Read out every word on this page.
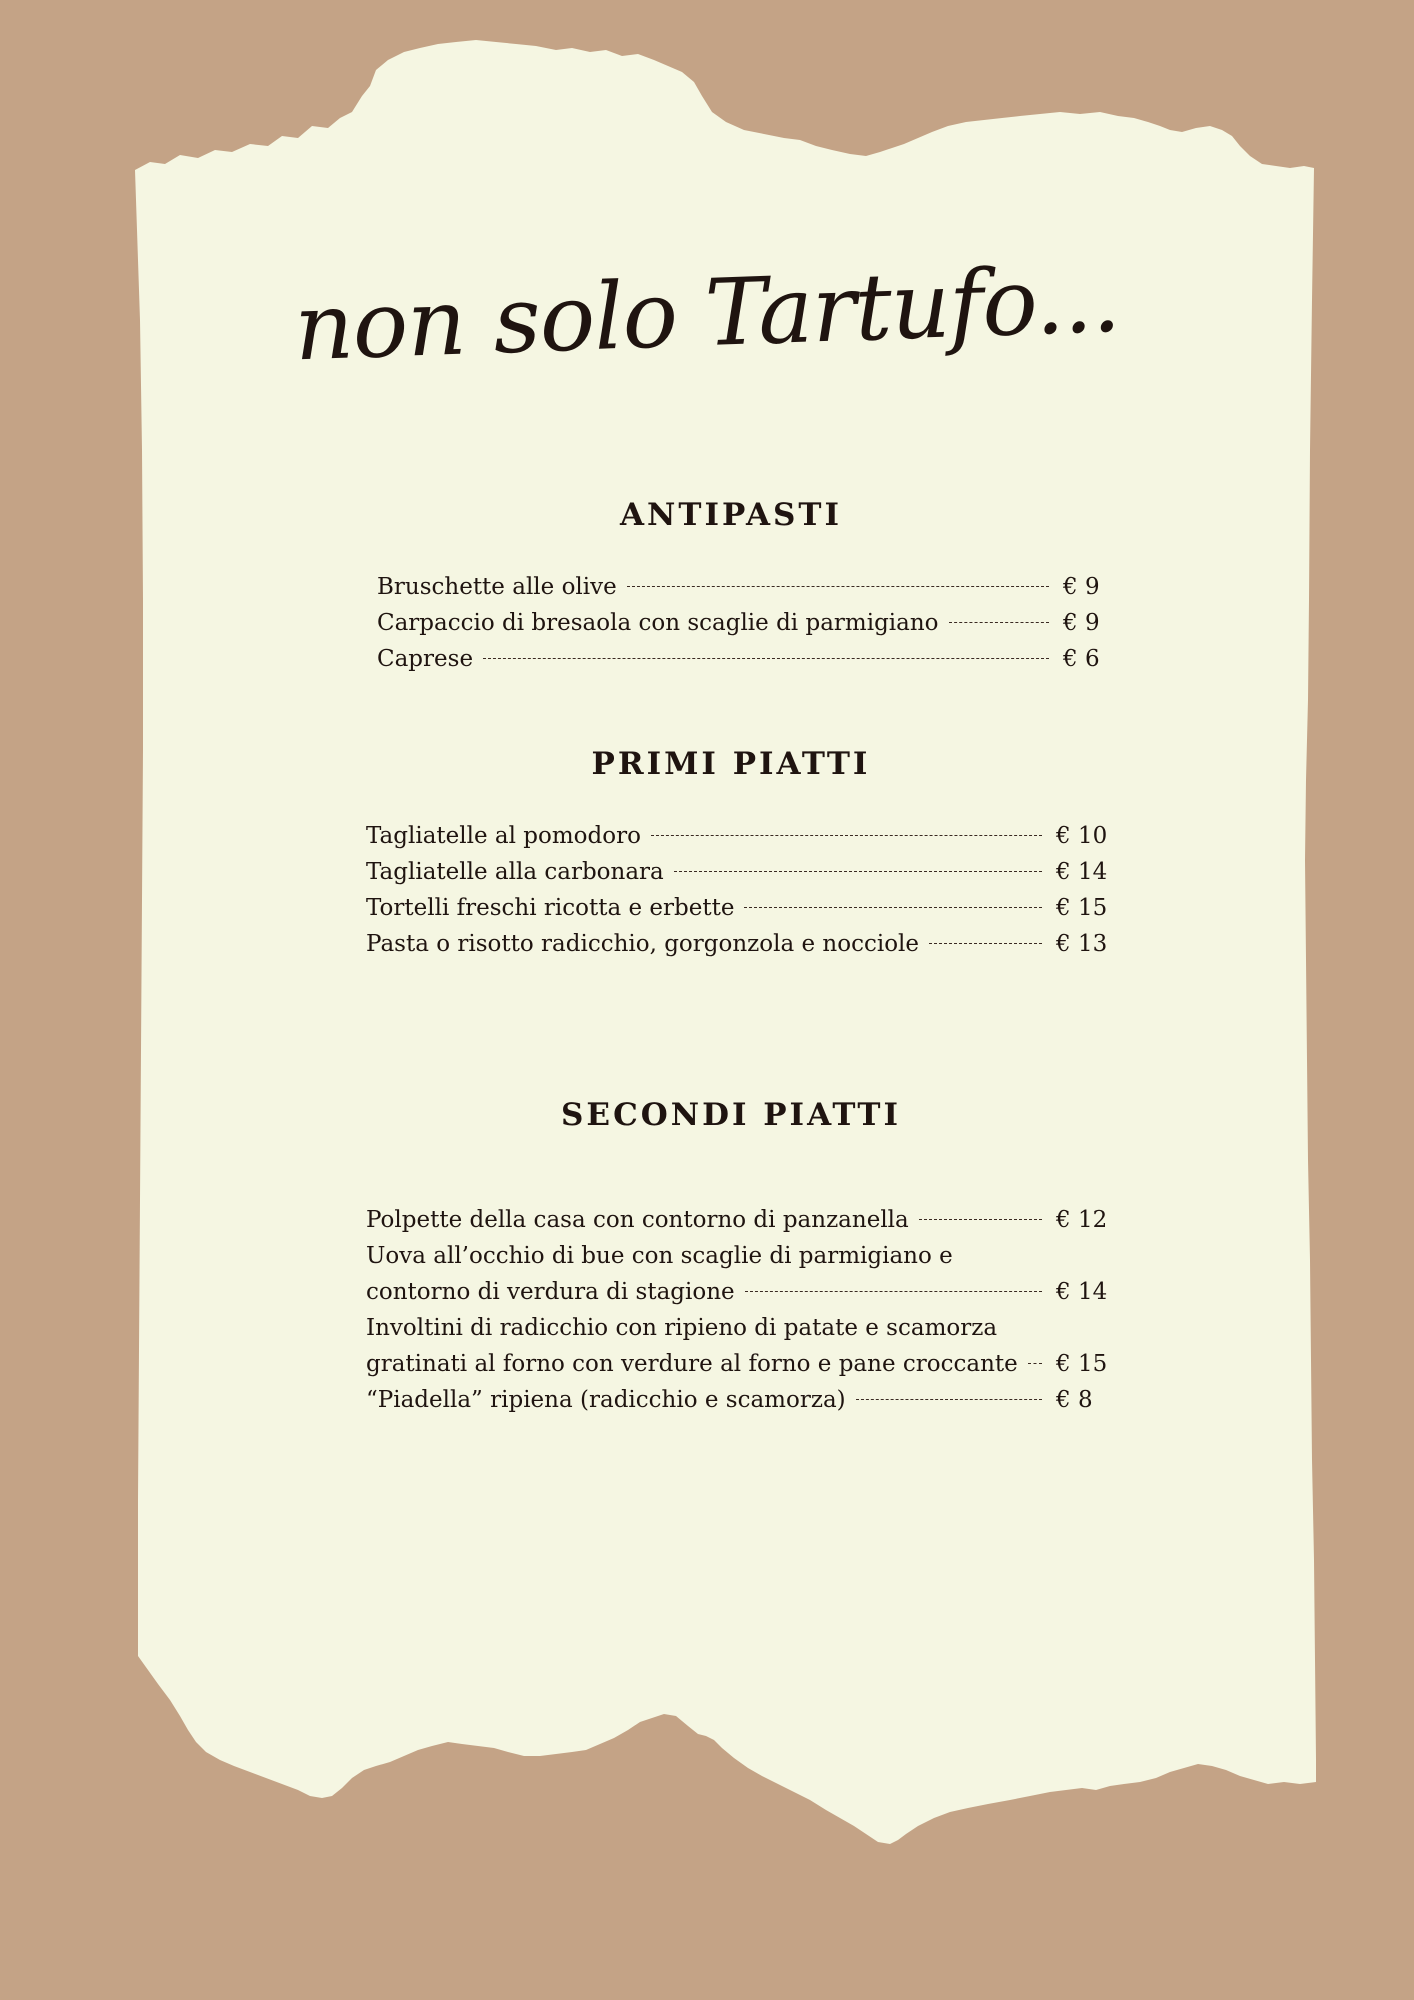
non solo Tartufo...
ANTIPASTI
Bruschette alle olive	€ 9
Carpaccio di bresaola con scaglie di parmigiano	€ 9
Caprese	€ 6
PRIMI PIATTI
Tagliatelle al pomodoro	€ 10
Tagliatelle alla carbonara	€ 14
Tortelli freschi ricotta e erbette	€ 15
Pasta o risotto radicchio, gorgonzola e nocciole	€ 13
SECONDI PIATTI
Polpette della casa con contorno di panzanella	€ 12
Uova all’occhio di bue con scaglie di parmigiano e
contorno di verdura di stagione	€ 14
Involtini di radicchio con ripieno di patate e scamorza
gratinati al forno con verdure al forno e pane croccante € 15
“Piadella” ripiena (radicchio e scamorza)	€ 8
